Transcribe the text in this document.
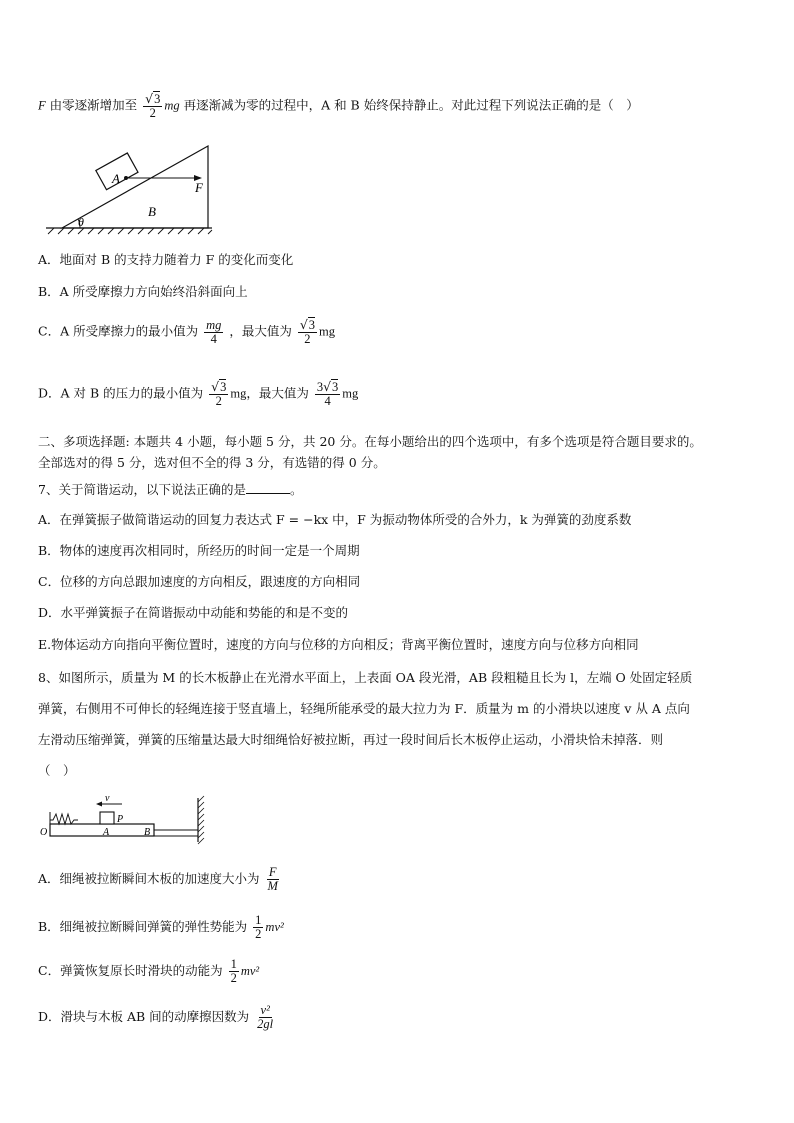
F 由零逐渐增加至 $\frac{√3}{2}$ mg 再逐渐减为零的过程中，A 和 B 始终保持静止。对此过程下列说法正确的是（　）
A
F
B
θ
A．地面对 B 的支持力随着力 F 的变化而变化
B．A 所受摩擦力方向始终沿斜面向上
C．A 所受摩擦力的最小值为 $\frac{mg}{4}$ ，最大值为 $\frac{√3}{2}$ mg
D．A 对 B 的压力的最小值为 $\frac{√3}{2}$ mg，最大值为 $\frac{3√3}{4}$ mg
二、多项选择题: 本题共 4 小题，每小题 5 分，共 20 分。在每小题给出的四个选项中，有多个选项是符合题目要求的。
全部选对的得 5 分，选对但不全的得 3 分，有选错的得 0 分。
7、关于简谐运动，以下说法正确的是	。
A．在弹簧振子做简谐运动的回复力表达式 F = −kx 中，F 为振动物体所受的合外力，k 为弹簧的劲度系数
B．物体的速度再次相同时，所经历的时间一定是一个周期
C．位移的方向总跟加速度的方向相反，跟速度的方向相同
D．水平弹簧振子在简谐振动中动能和势能的和是不变的
E.物体运动方向指向平衡位置时，速度的方向与位移的方向相反；背离平衡位置时，速度方向与位移方向相同
8、如图所示，质量为 M 的长木板静止在光滑水平面上，上表面 OA 段光滑，AB 段粗糙且长为 l，左端 O 处固定轻质
弹簧，右侧用不可伸长的轻绳连接于竖直墙上，轻绳所能承受的最大拉力为 F．质量为 m 的小滑块以速度 v 从 A 点向
左滑动压缩弹簧，弹簧的压缩量达最大时细绳恰好被拉断，再过一段时间后长木板停止运动，小滑块恰未掉落．则
（　）
v
P
O	A	B
A．细绳被拉断瞬间木板的加速度大小为 $\frac{F}{M}$
B．细绳被拉断瞬间弹簧的弹性势能为 $\frac{1}{2} mv^2$
C．弹簧恢复原长时滑块的动能为 $\frac{1}{2} mv^2$
D．滑块与木板 AB 间的动摩擦因数为 $\frac{\text{v²}}{2gl}$
